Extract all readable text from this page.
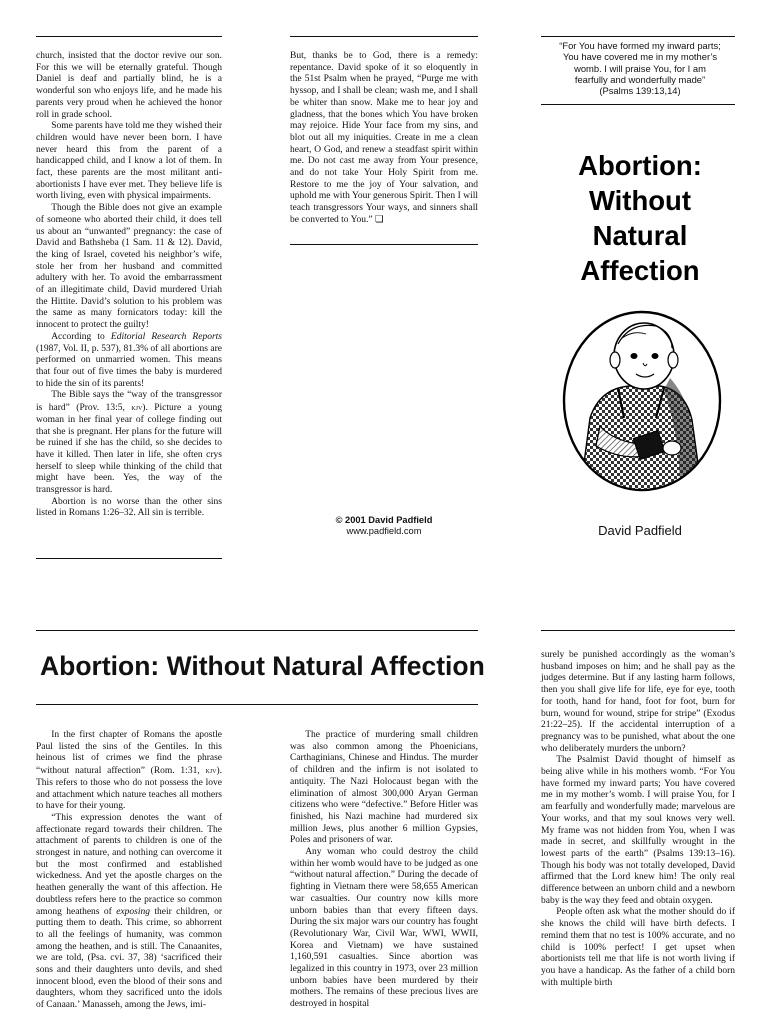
church, insisted that the doctor revive our son. For this we will be eternally grateful. Though Daniel is deaf and partially blind, he is a wonderful son who enjoys life, and he made his parents very proud when he achieved the honor roll in grade school.

Some parents have told me they wished their children would have never been born. I have never heard this from the parent of a handicapped child, and I know a lot of them. In fact, these parents are the most militant anti-abortionists I have ever met. They believe life is worth living, even with physical impairments.

Though the Bible does not give an example of someone who aborted their child, it does tell us about an “unwanted” pregnancy: the case of David and Bathsheba (1 Sam. 11 & 12). David, the king of Israel, coveted his neighbor’s wife, stole her from her husband and committed adultery with her. To avoid the embarrassment of an illegitimate child, David murdered Uriah the Hittite. David’s solution to his problem was the same as many fornicators today: kill the innocent to protect the guilty!

According to Editorial Research Reports (1987, Vol. II, p. 537), 81.3% of all abortions are performed on unmarried women. This means that four out of five times the baby is murdered to hide the sin of its parents!

The Bible says the “way of the transgressor is hard” (Prov. 13:5, kjv). Picture a young woman in her final year of college finding out that she is pregnant. Her plans for the future will be ruined if she has the child, so she decides to have it killed. Then later in life, she often crys herself to sleep while thinking of the child that might have been. Yes, the way of the transgressor is hard.

Abortion is no worse than the other sins listed in Romans 1:26–32. All sin is terrible.

But, thanks be to God, there is a remedy: repentance. David spoke of it so eloquently in the 51st Psalm when he prayed, “Purge me with hyssop, and I shall be clean; wash me, and I shall be whiter than snow. Make me to hear joy and gladness, that the bones which You have broken may rejoice. Hide Your face from my sins, and blot out all my iniquities. Create in me a clean heart, O God, and renew a steadfast spirit within me. Do not cast me away from Your presence, and do not take Your Holy Spirit from me. Restore to me the joy of Your salvation, and uphold me with Your generous Spirit. Then I will teach transgressors Your ways, and sinners shall be converted to You.” ❏

© 2001 David Padfield
www.padfield.com
“For You have formed my inward parts;
You have covered me in my mother’s
womb. I will praise You, for I am
fearfully and wonderfully made”
(Psalms 139:13,14)
Abortion:
Without
Natural
Affection
David Padfield
Abortion: Without Natural Affection

In the first chapter of Romans the apostle Paul listed the sins of the Gentiles. In this heinous list of crimes we find the phrase “without natural affection” (Rom. 1:31, kjv). This refers to those who do not possess the love and attachment which nature teaches all mothers to have for their young.

“This expression denotes the want of affectionate regard towards their children. The attachment of parents to children is one of the strongest in nature, and nothing can overcome it but the most confirmed and established wickedness. And yet the apostle charges on the heathen generally the want of this affection. He doubtless refers here to the practice so common among heathens of exposing their children, or putting them to death. This crime, so abhorrent to all the feelings of humanity, was common among the heathen, and is still. The Canaanites, we are told, (Psa. cvi. 37, 38) ‘sacrificed their sons and their daughters unto devils, and shed innocent blood, even the blood of their sons and daughters, whom they sacrificed unto the idols of Canaan.’ Manasseh, among the Jews, imi-

The practice of murdering small children was also common among the Phoenicians, Carthaginians, Chinese and Hindus. The murder of children and the infirm is not isolated to antiquity. The Nazi Holocaust began with the elimination of almost 300,000 Aryan German citizens who were “defective.” Before Hitler was finished, his Nazi machine had murdered six million Jews, plus another 6 million Gypsies, Poles and prisoners of war.

Any woman who could destroy the child within her womb would have to be judged as one “without natural affection.” During the decade of fighting in Vietnam there were 58,655 American war casualties. Our country now kills more unborn babies than that every fifteen days. During the six major wars our country has fought (Revolutionary War, Civil War, WWI, WWII, Korea and Vietnam) we have sustained 1,160,591 casualties. Since abortion was legalized in this country in 1973, over 23 million unborn babies have been murdered by their mothers. The remains of these precious lives are destroyed in hospital

surely be punished accordingly as the woman’s husband imposes on him; and he shall pay as the judges determine. But if any lasting harm follows, then you shall give life for life, eye for eye, tooth for tooth, hand for hand, foot for foot, burn for burn, wound for wound, stripe for stripe” (Exodus 21:22–25). If the accidental interruption of a pregnancy was to be punished, what about the one who deliberately murders the unborn?

The Psalmist David thought of himself as being alive while in his mothers womb. “For You have formed my inward parts; You have covered me in my mother’s womb. I will praise You, for I am fearfully and wonderfully made; marvelous are Your works, and that my soul knows very well. My frame was not hidden from You, when I was made in secret, and skillfully wrought in the lowest parts of the earth” (Psalms 139:13–16). Though his body was not totally developed, David affirmed that the Lord knew him! The only real difference between an unborn child and a newborn baby is the way they feed and obtain oxygen.

People often ask what the mother should do if she knows the child will have birth defects. I remind them that no test is 100% accurate, and no child is 100% perfect! I get upset when abortionists tell me that life is not worth living if you have a handicap. As the father of a child born with multiple birth
